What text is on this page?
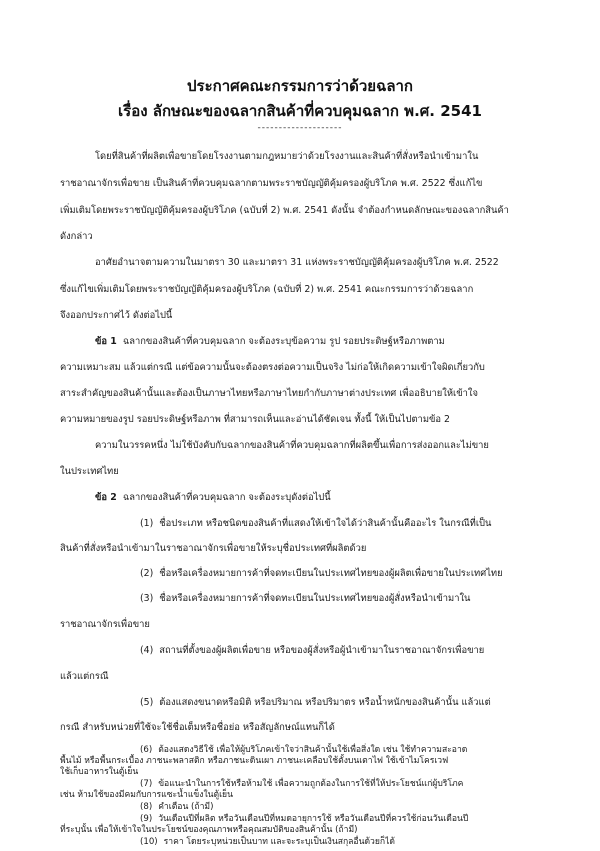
ประกาศคณะกรรมการว่าด้วยฉลาก
เรื่อง ลักษณะของฉลากสินค้าที่ควบคุมฉลาก พ.ศ. 2541
--------------------
โดยที่สินค้าที่ผลิตเพื่อขายโดยโรงงานตามกฎหมายว่าด้วยโรงงานและสินค้าที่สั่งหรือนำเข้ามาใน
ราชอาณาจักรเพื่อขาย เป็นสินค้าที่ควบคุมฉลากตามพระราชบัญญัติคุ้มครองผู้บริโภค พ.ศ. 2522 ซึ่งแก้ไข
เพิ่มเติมโดยพระราชบัญญัติคุ้มครองผู้บริโภค (ฉบับที่ 2) พ.ศ. 2541 ดังนั้น จำต้องกำหนดลักษณะของฉลากสินค้า
ดังกล่าว
อาศัยอำนาจตามความในมาตรา 30 และมาตรา 31 แห่งพระราชบัญญัติคุ้มครองผู้บริโภค พ.ศ. 2522
ซึ่งแก้ไขเพิ่มเติมโดยพระราชบัญญัติคุ้มครองผู้บริโภค (ฉบับที่ 2) พ.ศ. 2541 คณะกรรมการว่าด้วยฉลาก
จึงออกประกาศไว้ ดังต่อไปนี้
ข้อ 1 ฉลากของสินค้าที่ควบคุมฉลาก จะต้องระบุข้อความ รูป รอยประดิษฐ์หรือภาพตาม
ความเหมาะสม แล้วแต่กรณี แต่ข้อความนั้นจะต้องตรงต่อความเป็นจริง ไม่ก่อให้เกิดความเข้าใจผิดเกี่ยวกับ
สาระสำคัญของสินค้านั้นและต้องเป็นภาษาไทยหรือภาษาไทยกำกับภาษาต่างประเทศ เพื่ออธิบายให้เข้าใจ
ความหมายของรูป รอยประดิษฐ์หรือภาพ ที่สามารถเห็นและอ่านได้ชัดเจน ทั้งนี้ ให้เป็นไปตามข้อ 2
ความในวรรคหนึ่ง ไม่ใช้บังคับกับฉลากของสินค้าที่ควบคุมฉลากที่ผลิตขึ้นเพื่อการส่งออกและไม่ขาย
ในประเทศไทย
ข้อ 2 ฉลากของสินค้าที่ควบคุมฉลาก จะต้องระบุดังต่อไปนี้
(1) ชื่อประเภท หรือชนิดของสินค้าที่แสดงให้เข้าใจได้ว่าสินค้านั้นคืออะไร ในกรณีที่เป็น
สินค้าที่สั่งหรือนำเข้ามาในราชอาณาจักรเพื่อขายให้ระบุชื่อประเทศที่ผลิตด้วย
(2) ชื่อหรือเครื่องหมายการค้าที่จดทะเบียนในประเทศไทยของผู้ผลิตเพื่อขายในประเทศไทย
(3) ชื่อหรือเครื่องหมายการค้าที่จดทะเบียนในประเทศไทยของผู้สั่งหรือนำเข้ามาใน
ราชอาณาจักรเพื่อขาย
(4) สถานที่ตั้งของผู้ผลิตเพื่อขาย หรือของผู้สั่งหรือผู้นำเข้ามาในราชอาณาจักรเพื่อขาย
แล้วแต่กรณี
(5) ต้องแสดงขนาดหรือมิติ หรือปริมาณ หรือปริมาตร หรือน้ำหนักของสินค้านั้น แล้วแต่
กรณี สำหรับหน่วยที่ใช้จะใช้ชื่อเต็มหรือชื่อย่อ หรือสัญลักษณ์แทนก็ได้
(6) ต้องแสดงวิธีใช้ เพื่อให้ผู้บริโภคเข้าใจว่าสินค้านั้นใช้เพื่อสิ่งใด เช่น ใช้ทำความสะอาด
พื้นไม้ หรือพื้นกระเบื้อง ภาชนะพลาสติก หรือภาชนะดินเผา ภาชนะเคลือบใช้ตั้งบนเตาไฟ ใช้เข้าไมโครเวฟ
ใช้เก็บอาหารในตู้เย็น
(7) ข้อแนะนำในการใช้หรือห้ามใช้ เพื่อความถูกต้องในการใช้ที่ให้ประโยชน์แก่ผู้บริโภค
เช่น ห้ามใช้ของมีคมกับการแซะน้ำแข็งในตู้เย็น
(8) คำเตือน (ถ้ามี)
(9) วันเดือนปีที่ผลิต หรือวันเดือนปีที่หมดอายุการใช้ หรือวันเดือนปีที่ควรใช้ก่อนวันเดือนปี
ที่ระบุนั้น เพื่อให้เข้าใจในประโยชน์ของคุณภาพหรือคุณสมบัติของสินค้านั้น (ถ้ามี)
(10) ราคา โดยระบุหน่วยเป็นบาท และจะระบุเป็นเงินสกุลอื่นด้วยก็ได้
